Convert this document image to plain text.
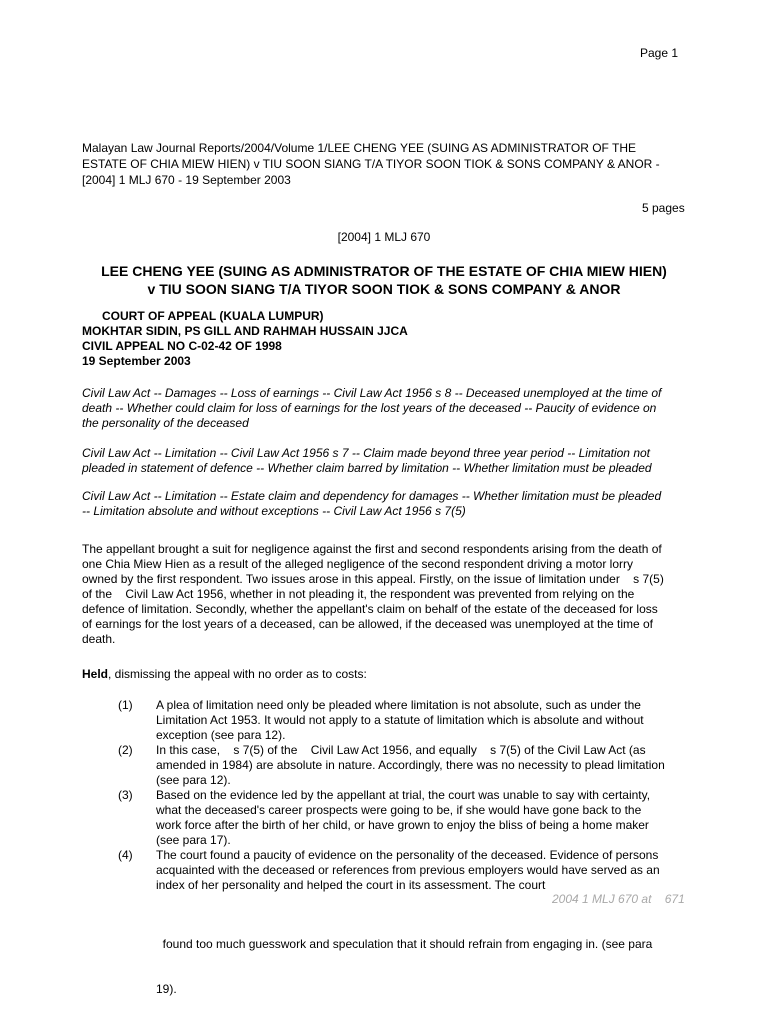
Page 1
Malayan Law Journal Reports/2004/Volume 1/LEE CHENG YEE (SUING AS ADMINISTRATOR OF THE
ESTATE OF CHIA MIEW HIEN) v TIU SOON SIANG T/A TIYOR SOON TIOK & SONS COMPANY & ANOR -
[2004] 1 MLJ 670 - 19 September 2003
5 pages
[2004] 1 MLJ 670
LEE CHENG YEE (SUING AS ADMINISTRATOR OF THE ESTATE OF CHIA MIEW HIEN)
v TIU SOON SIANG T/A TIYOR SOON TIOK & SONS COMPANY & ANOR
COURT OF APPEAL (KUALA LUMPUR)
MOKHTAR SIDIN, PS GILL AND RAHMAH HUSSAIN JJCA
CIVIL APPEAL NO C-02-42 OF 1998
19 September 2003
Civil Law Act -- Damages -- Loss of earnings -- Civil Law Act 1956 s 8 -- Deceased unemployed at the time of
death -- Whether could claim for loss of earnings for the lost years of the deceased -- Paucity of evidence on
the personality of the deceased
Civil Law Act -- Limitation -- Civil Law Act 1956 s 7 -- Claim made beyond three year period -- Limitation not
pleaded in statement of defence -- Whether claim barred by limitation -- Whether limitation must be pleaded
Civil Law Act -- Limitation -- Estate claim and dependency for damages -- Whether limitation must be pleaded
-- Limitation absolute and without exceptions -- Civil Law Act 1956 s 7(5)
The appellant brought a suit for negligence against the first and second respondents arising from the death of
one Chia Miew Hien as a result of the alleged negligence of the second respondent driving a motor lorry
owned by the first respondent. Two issues arose in this appeal. Firstly, on the issue of limitation under    s 7(5)
of the    Civil Law Act 1956, whether in not pleading it, the respondent was prevented from relying on the
defence of limitation. Secondly, whether the appellant's claim on behalf of the estate of the deceased for loss
of earnings for the lost years of a deceased, can be allowed, if the deceased was unemployed at the time of
death.
Held, dismissing the appeal with no order as to costs:
(1) A plea of limitation need only be pleaded where limitation is not absolute, such as under the
Limitation Act 1953. It would not apply to a statute of limitation which is absolute and without
exception (see para 12).
(2) In this case,    s 7(5) of the    Civil Law Act 1956, and equally    s 7(5) of the Civil Law Act (as
amended in 1984) are absolute in nature. Accordingly, there was no necessity to plead limitation
(see para 12).
(3) Based on the evidence led by the appellant at trial, the court was unable to say with certainty,
what the deceased's career prospects were going to be, if she would have gone back to the
work force after the birth of her child, or have grown to enjoy the bliss of being a home maker
(see para 17).
(4) The court found a paucity of evidence on the personality of the deceased. Evidence of persons
acquainted with the deceased or references from previous employers would have served as an
index of her personality and helped the court in its assessment. The court
2004 1 MLJ 670 at    671

found too much guesswork and speculation that it should refrain from engaging in. (see para

19).
